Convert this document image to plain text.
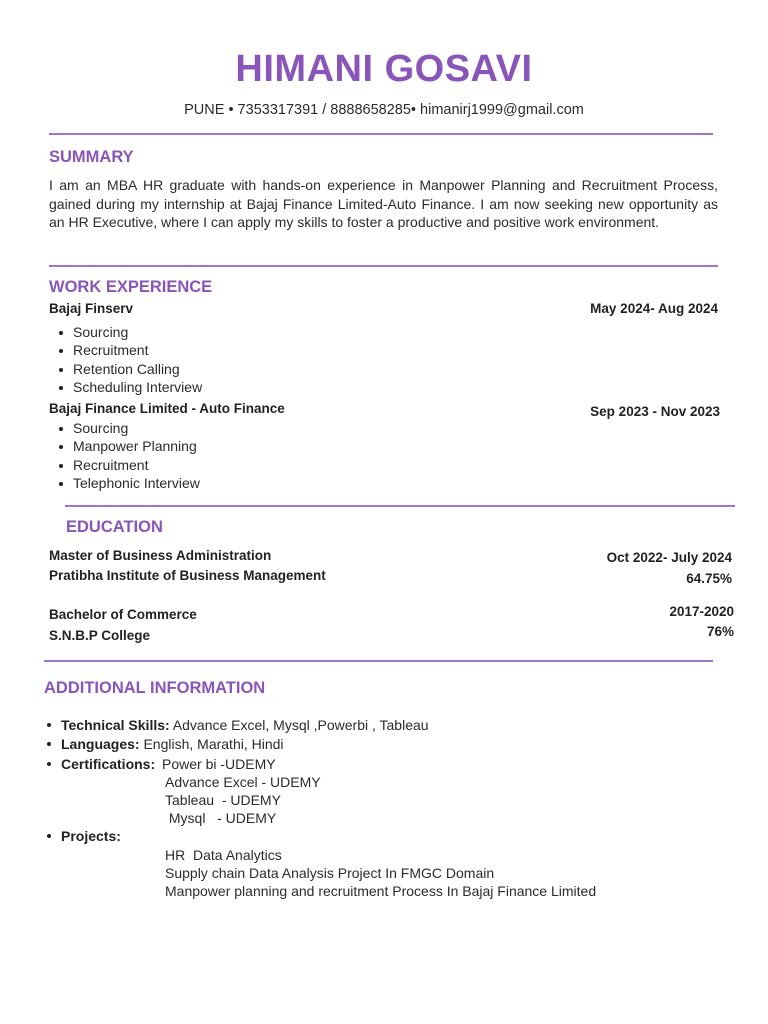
HIMANI GOSAVI
PUNE • 7353317391 / 8888658285• himanirj1999@gmail.com
SUMMARY
I am an MBA HR graduate with hands-on experience in Manpower Planning and Recruitment Process, gained during my internship at Bajaj Finance Limited-Auto Finance. I am now seeking new opportunity as an HR Executive, where I can apply my skills to foster a productive and positive work environment.
WORK EXPERIENCE
Bajaj Finserv	May 2024- Aug 2024
Sourcing
Recruitment
Retention Calling
Scheduling Interview
Bajaj Finance Limited - Auto Finance	Sep 2023 - Nov 2023
Sourcing
Manpower Planning
Recruitment
Telephonic Interview
EDUCATION
Master of Business Administration
Pratibha Institute of Business Management
Oct 2022- July 2024
64.75%
Bachelor of Commerce
S.N.B.P College
2017-2020
76%
ADDITIONAL INFORMATION
Technical Skills: Advance Excel, Mysql ,Powerbi , Tableau
Languages: English, Marathi, Hindi
Certifications: Power bi -UDEMY
Advance Excel - UDEMY
Tableau  - UDEMY
Mysql   - UDEMY
Projects:
HR  Data Analytics
Supply chain Data Analysis Project In FMGC Domain
Manpower planning and recruitment Process In Bajaj Finance Limited
